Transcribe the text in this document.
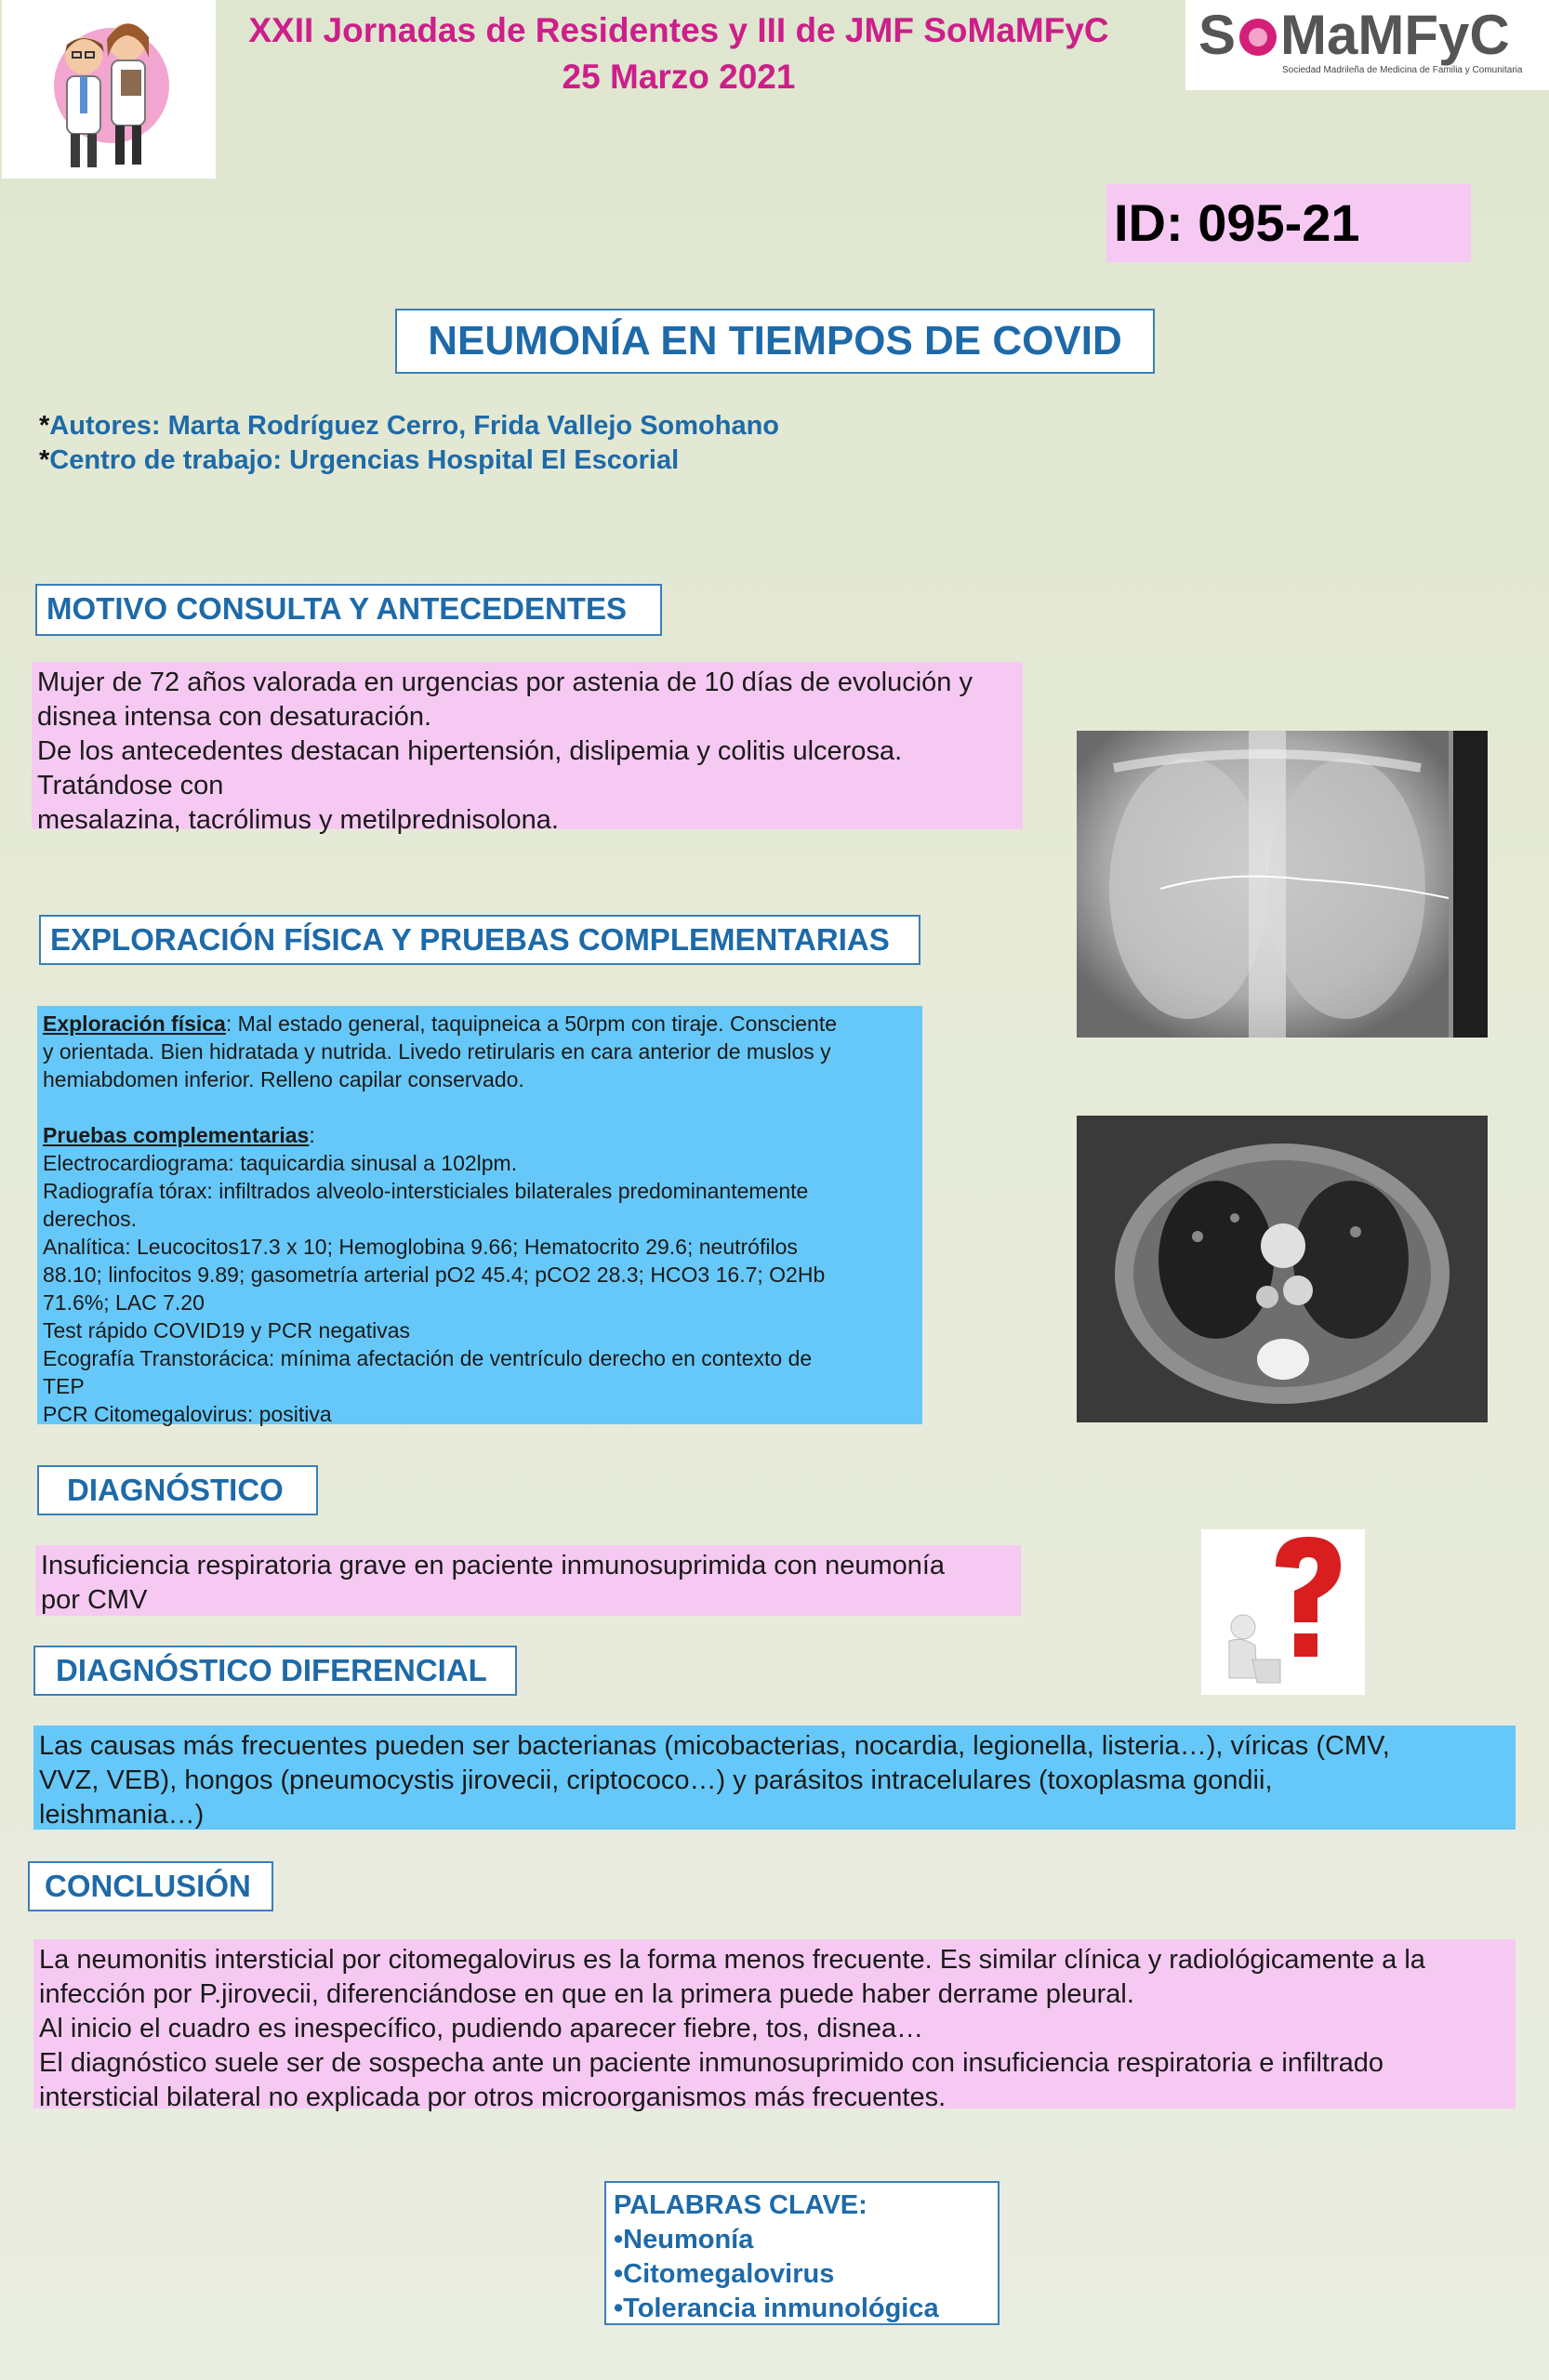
XXII Jornadas de Residentes y III de JMF SoMaMFyC
25 Marzo 2021
S MaMFyC
Sociedad Madrileña de Medicina de Familia y Comunitaria
ID: 095-21
NEUMONÍA EN TIEMPOS DE COVID
*Autores: Marta Rodríguez Cerro, Frida Vallejo Somohano
*Centro de trabajo: Urgencias Hospital El Escorial
MOTIVO CONSULTA Y ANTECEDENTES
Mujer de 72 años valorada en urgencias por astenia de 10 días de evolución y
disnea intensa con desaturación.
De los antecedentes destacan hipertensión, dislipemia y colitis ulcerosa.
Tratándose con
mesalazina, tacrólimus y metilprednisolona.
EXPLORACIÓN FÍSICA Y PRUEBAS COMPLEMENTARIAS
Exploración física: Mal estado general, taquipneica a 50rpm con tiraje. Consciente
y orientada. Bien hidratada y nutrida. Livedo retirularis en cara anterior de muslos y
hemiabdomen inferior. Relleno capilar conservado.
Pruebas complementarias:
Electrocardiograma: taquicardia sinusal a 102lpm.
Radiografía tórax: infiltrados alveolo-intersticiales bilaterales predominantemente
derechos.
Analítica: Leucocitos17.3 x 10; Hemoglobina 9.66; Hematocrito 29.6; neutrófilos
88.10; linfocitos 9.89; gasometría arterial pO2 45.4; pCO2 28.3; HCO3 16.7; O2Hb
71.6%; LAC 7.20
Test rápido COVID19 y PCR negativas
Ecografía Transtorácica: mínima afectación de ventrículo derecho en contexto de
TEP
PCR Citomegalovirus: positiva
DIAGNÓSTICO
Insuficiencia respiratoria grave en paciente inmunosuprimida con neumonía
por CMV
DIAGNÓSTICO DIFERENCIAL
Las causas más frecuentes pueden ser bacterianas (micobacterias, nocardia, legionella, listeria…), víricas (CMV,
VVZ, VEB), hongos (pneumocystis jirovecii, criptococo…) y parásitos intracelulares (toxoplasma gondii,
leishmania…)
CONCLUSIÓN
La neumonitis intersticial por citomegalovirus es la forma menos frecuente. Es similar clínica y radiológicamente a la
infección por P.jirovecii, diferenciándose en que en la primera puede haber derrame pleural.
Al inicio el cuadro es inespecífico, pudiendo aparecer fiebre, tos, disnea…
El diagnóstico suele ser de sospecha ante un paciente inmunosuprimido con insuficiencia respiratoria e infiltrado
intersticial bilateral no explicada por otros microorganismos más frecuentes.
PALABRAS CLAVE:
•Neumonía
•Citomegalovirus
•Tolerancia inmunológica
